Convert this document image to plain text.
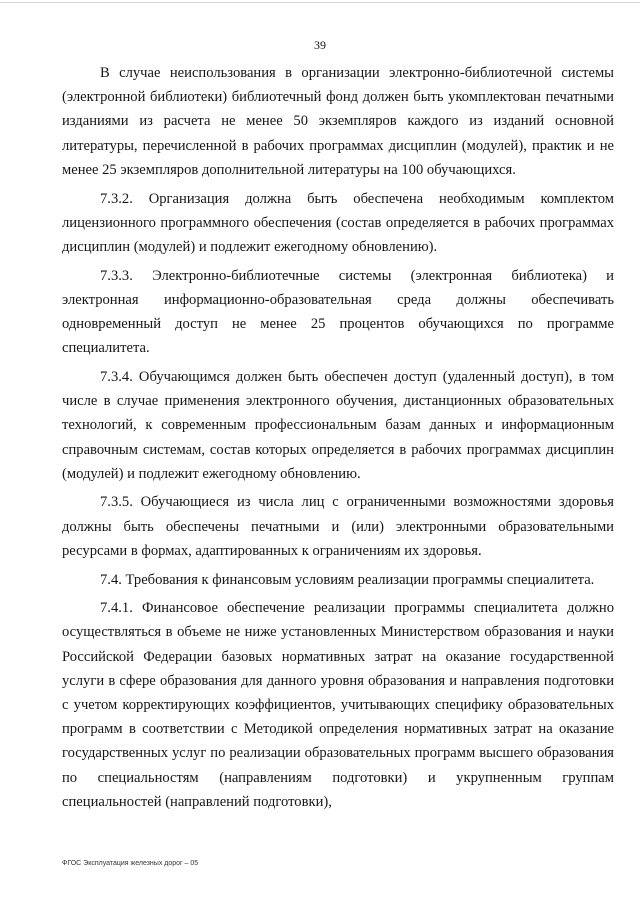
39

В случае неиспользования в организации электронно-библиотечной системы (электронной библиотеки) библиотечный фонд должен быть укомплектован печатными изданиями из расчета не менее 50 экземпляров каждого из изданий основной литературы, перечисленной в рабочих программах дисциплин (модулей), практик и не менее 25 экземпляров дополнительной литературы на 100 обучающихся.

7.3.2. Организация должна быть обеспечена необходимым комплектом лицензионного программного обеспечения (состав определяется в рабочих программах дисциплин (модулей) и подлежит ежегодному обновлению).

7.3.3. Электронно-библиотечные системы (электронная библиотека) и электронная информационно-образовательная среда должны обеспечивать одновременный доступ не менее 25 процентов обучающихся по программе специалитета.

7.3.4. Обучающимся должен быть обеспечен доступ (удаленный доступ), в том числе в случае применения электронного обучения, дистанционных образовательных технологий, к современным профессиональным базам данных и информационным справочным системам, состав которых определяется в рабочих программах дисциплин (модулей) и подлежит ежегодному обновлению.

7.3.5. Обучающиеся из числа лиц с ограниченными возможностями здоровья должны быть обеспечены печатными и (или) электронными образовательными ресурсами в формах, адаптированных к ограничениям их здоровья.

7.4. Требования к финансовым условиям реализации программы специалитета.

7.4.1. Финансовое обеспечение реализации программы специалитета должно осуществляться в объеме не ниже установленных Министерством образования и науки Российской Федерации базовых нормативных затрат на оказание государственной услуги в сфере образования для данного уровня образования и направления подготовки с учетом корректирующих коэффициентов, учитывающих специфику образовательных программ в соответствии с Методикой определения нормативных затрат на оказание государственных услуг по реализации образовательных программ высшего образования по специальностям (направлениям подготовки) и укрупненным группам специальностей (направлений подготовки),

ФГОС Эксплуатация железных дорог – 05
